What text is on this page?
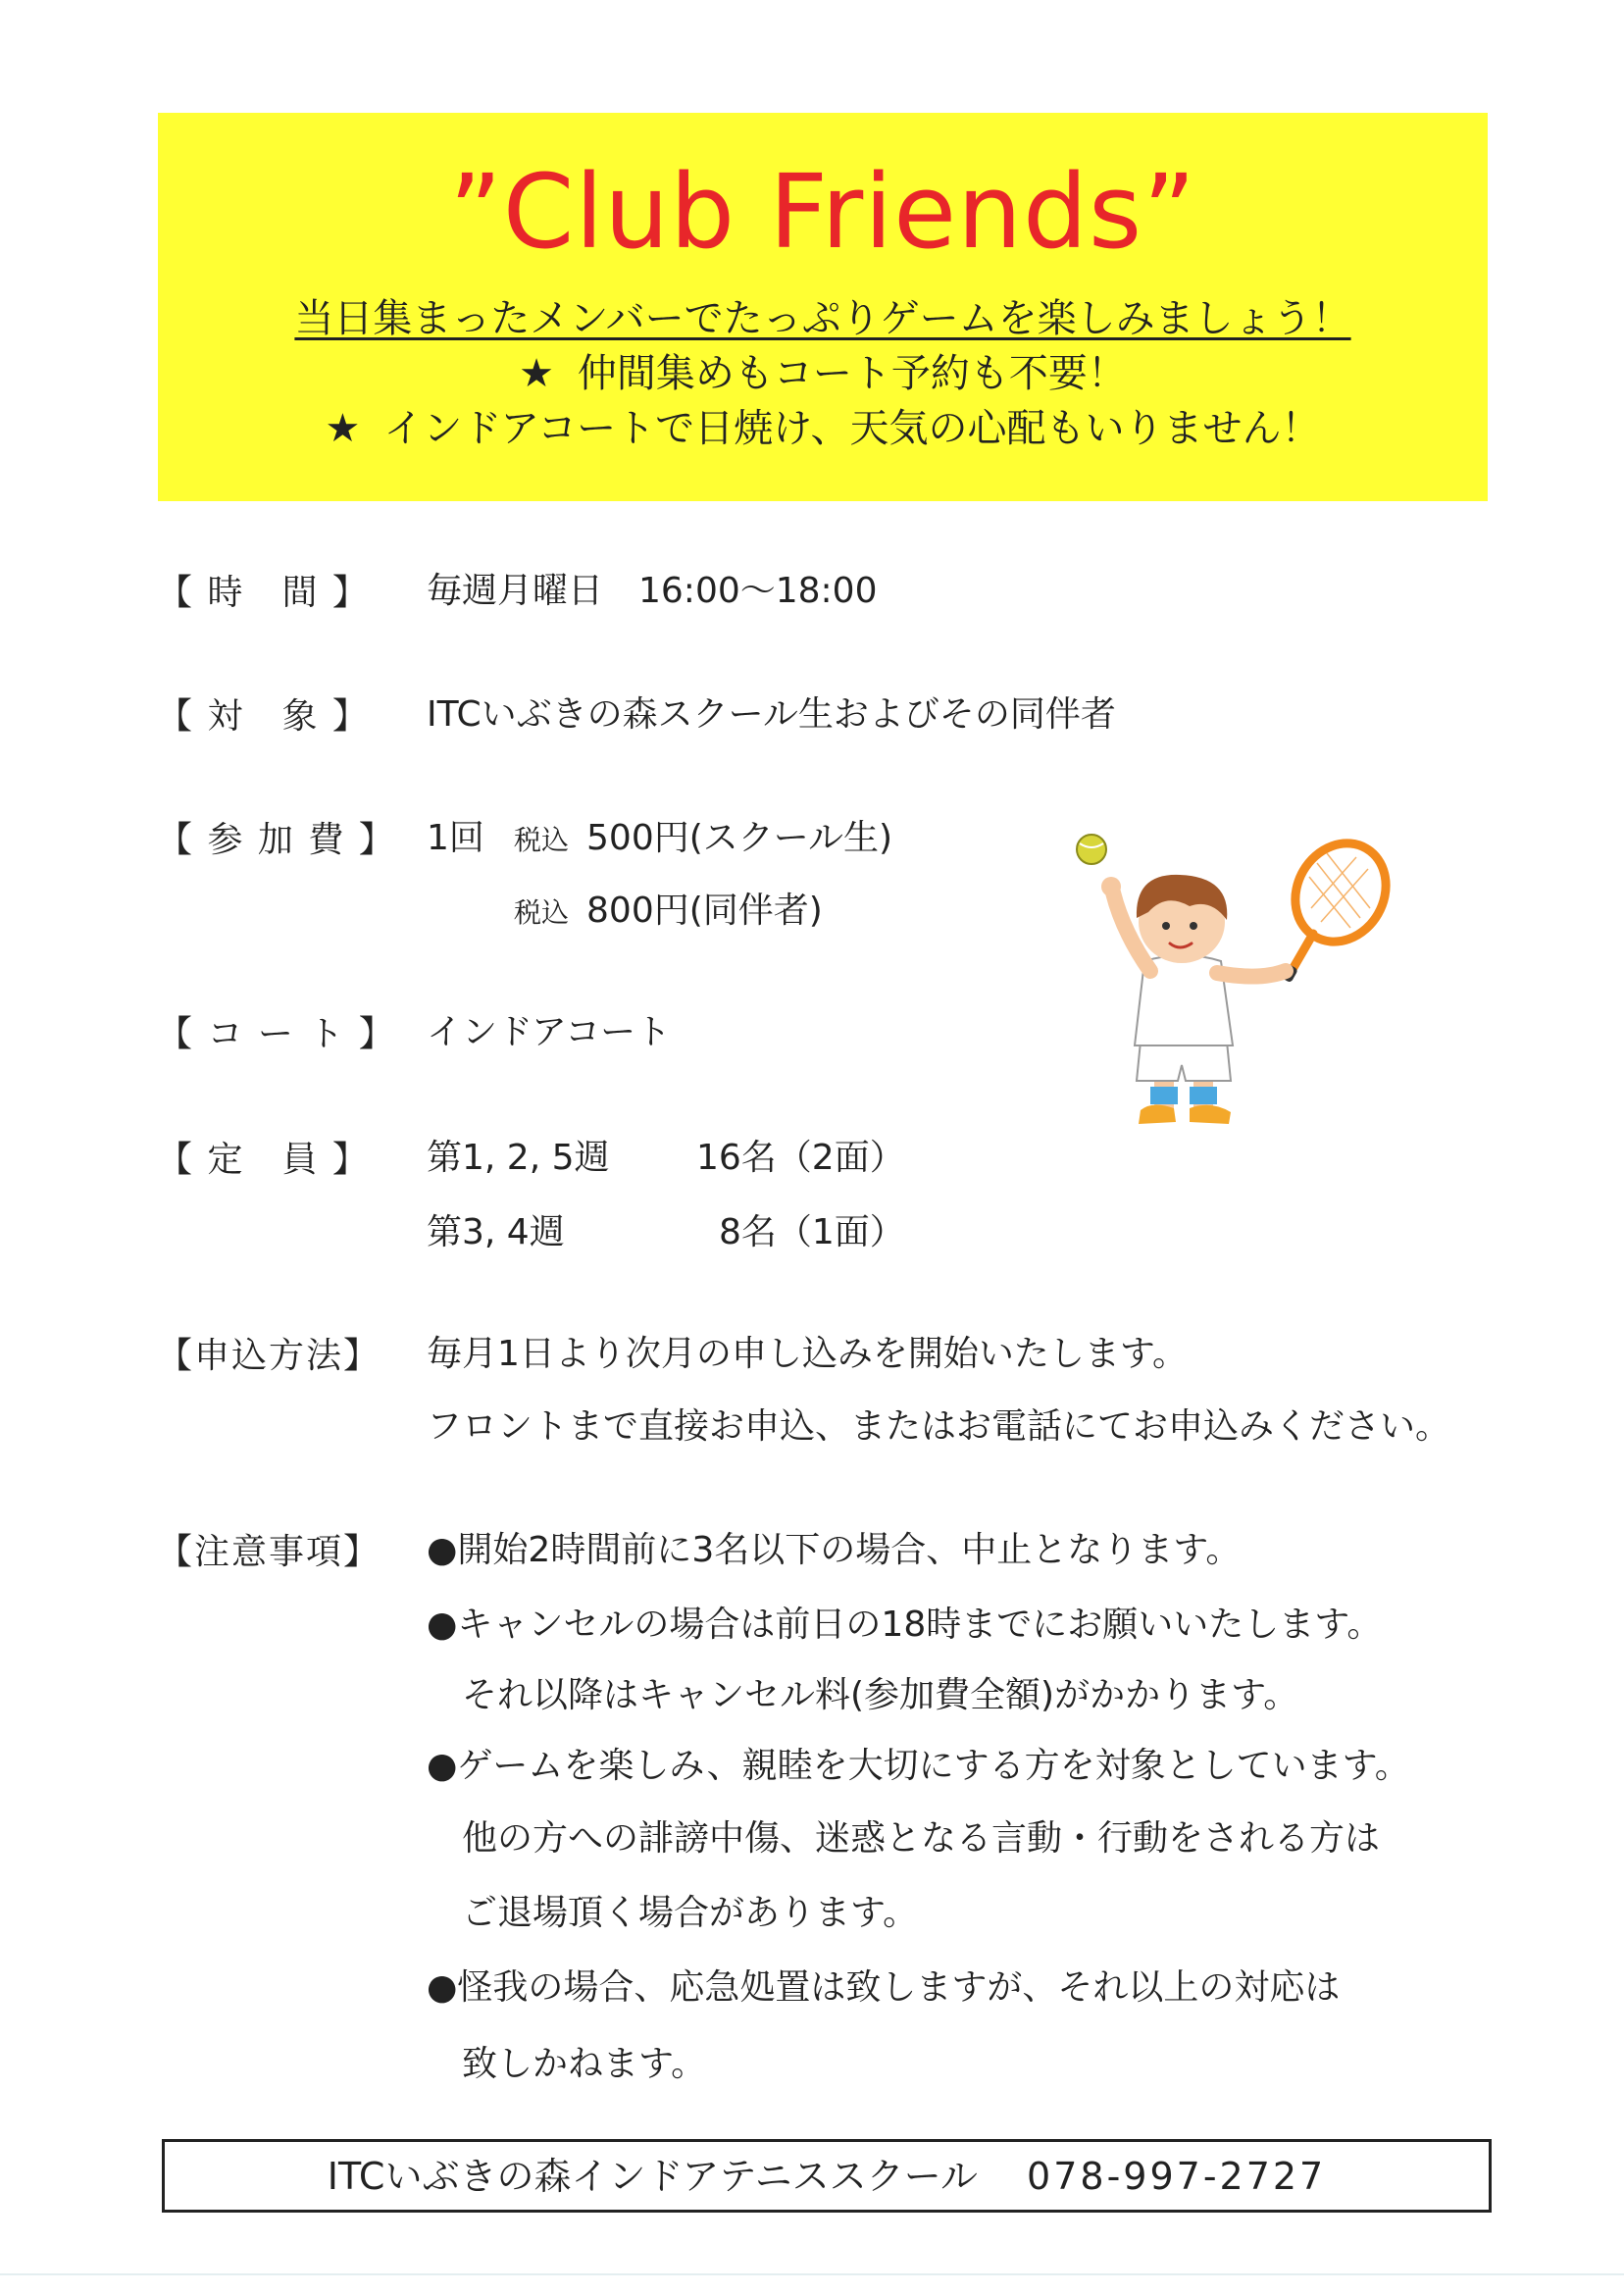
”Club Friends”
当日集まったメンバーでたっぷりゲームを楽しみましょう！
★ 仲間集めもコート予約も不要！
★ インドアコートで日焼け、天気の心配もいりません！
【 時　間 】 毎週月曜日　16:00～18:00
【 対　象 】 ITCいぶきの森スクール生およびその同伴者
【 参 加 費 】 1回 税込 500円(スクール生)
税込 800円(同伴者)
【 コ ー ト 】 インドアコート
【 定　員 】 第1, 2, 5週 16名（2面）
第3, 4週	8名（1面）
【申込方法】 毎月1日より次月の申し込みを開始いたします。
フロントまで直接お申込、またはお電話にてお申込みください。
【注意事項】 ●開始2時間前に3名以下の場合、中止となります。
●キャンセルの場合は前日の18時までにお願いいたします。
　それ以降はキャンセル料(参加費全額)がかかります。
●ゲームを楽しみ、親睦を大切にする方を対象としています。
　他の方への誹謗中傷、迷惑となる言動・行動をされる方は
　ご退場頂く場合があります。
●怪我の場合、応急処置は致しますが、それ以上の対応は
　致しかねます。
ITCいぶきの森インドアテニススクール 078-997-2727
